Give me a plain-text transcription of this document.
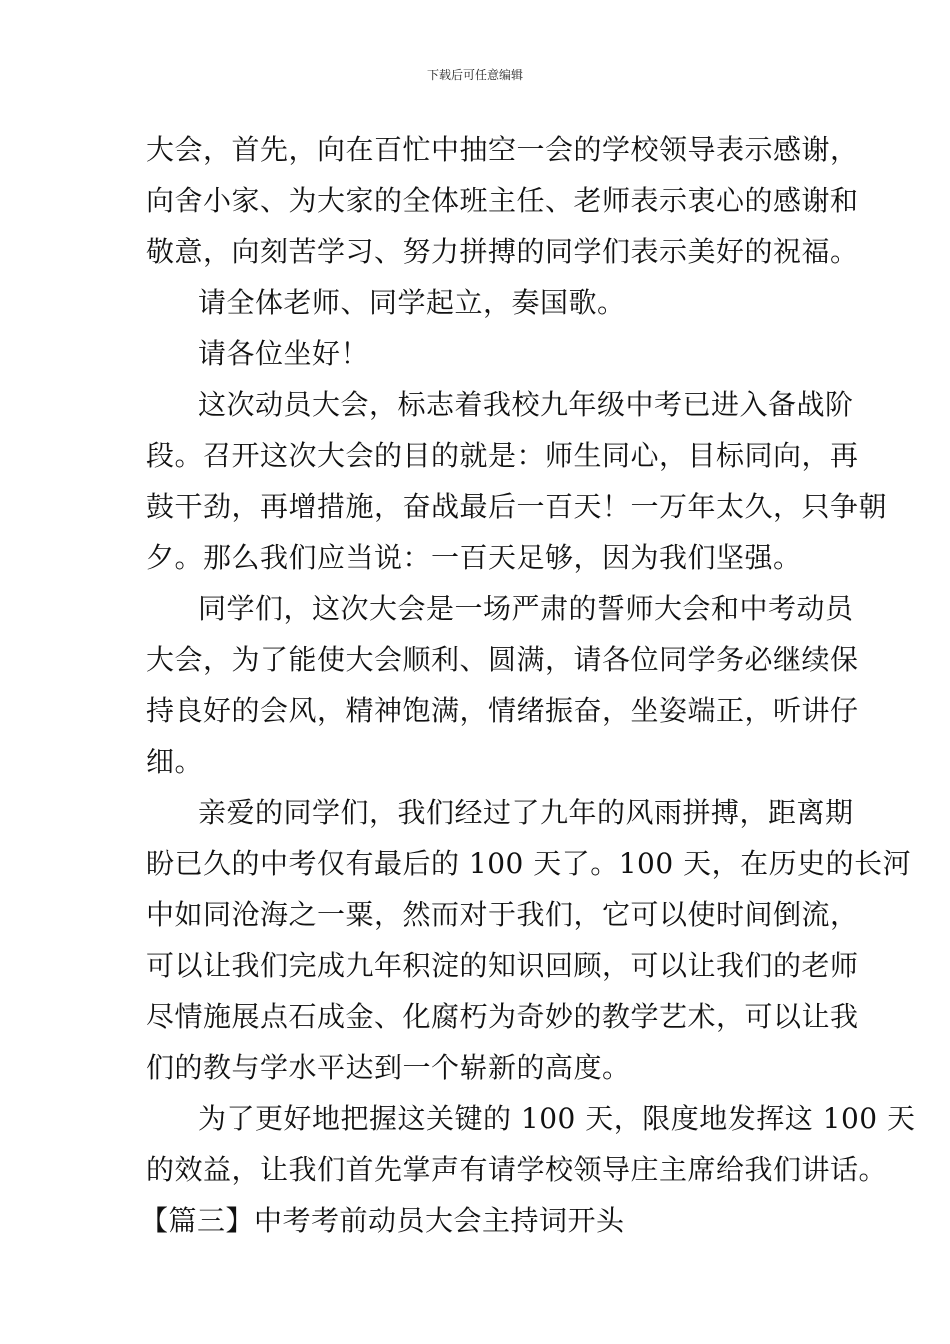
下载后可任意编辑
大会，首先，向在百忙中抽空一会的学校领导表示感谢，
向舍小家、为大家的全体班主任、老师表示衷心的感谢和
敬意，向刻苦学习、努力拼搏的同学们表示美好的祝福。
请全体老师、同学起立，奏国歌。
请各位坐好！
这次动员大会，标志着我校九年级中考已进入备战阶
段。召开这次大会的目的就是：师生同心，目标同向，再
鼓干劲，再增措施，奋战最后一百天！一万年太久，只争朝
夕。那么我们应当说：一百天足够，因为我们坚强。
同学们，这次大会是一场严肃的誓师大会和中考动员
大会，为了能使大会顺利、圆满，请各位同学务必继续保
持良好的会风，精神饱满，情绪振奋，坐姿端正，听讲仔
细。
亲爱的同学们，我们经过了九年的风雨拼搏，距离期
盼已久的中考仅有最后的 100 天了。100 天，在历史的长河
中如同沧海之一粟，然而对于我们，它可以使时间倒流，
可以让我们完成九年积淀的知识回顾，可以让我们的老师
尽情施展点石成金、化腐朽为奇妙的教学艺术，可以让我
们的教与学水平达到一个崭新的高度。
为了更好地把握这关键的 100 天，限度地发挥这 100 天
的效益，让我们首先掌声有请学校领导庄主席给我们讲话。
【篇三】中考考前动员大会主持词开头
